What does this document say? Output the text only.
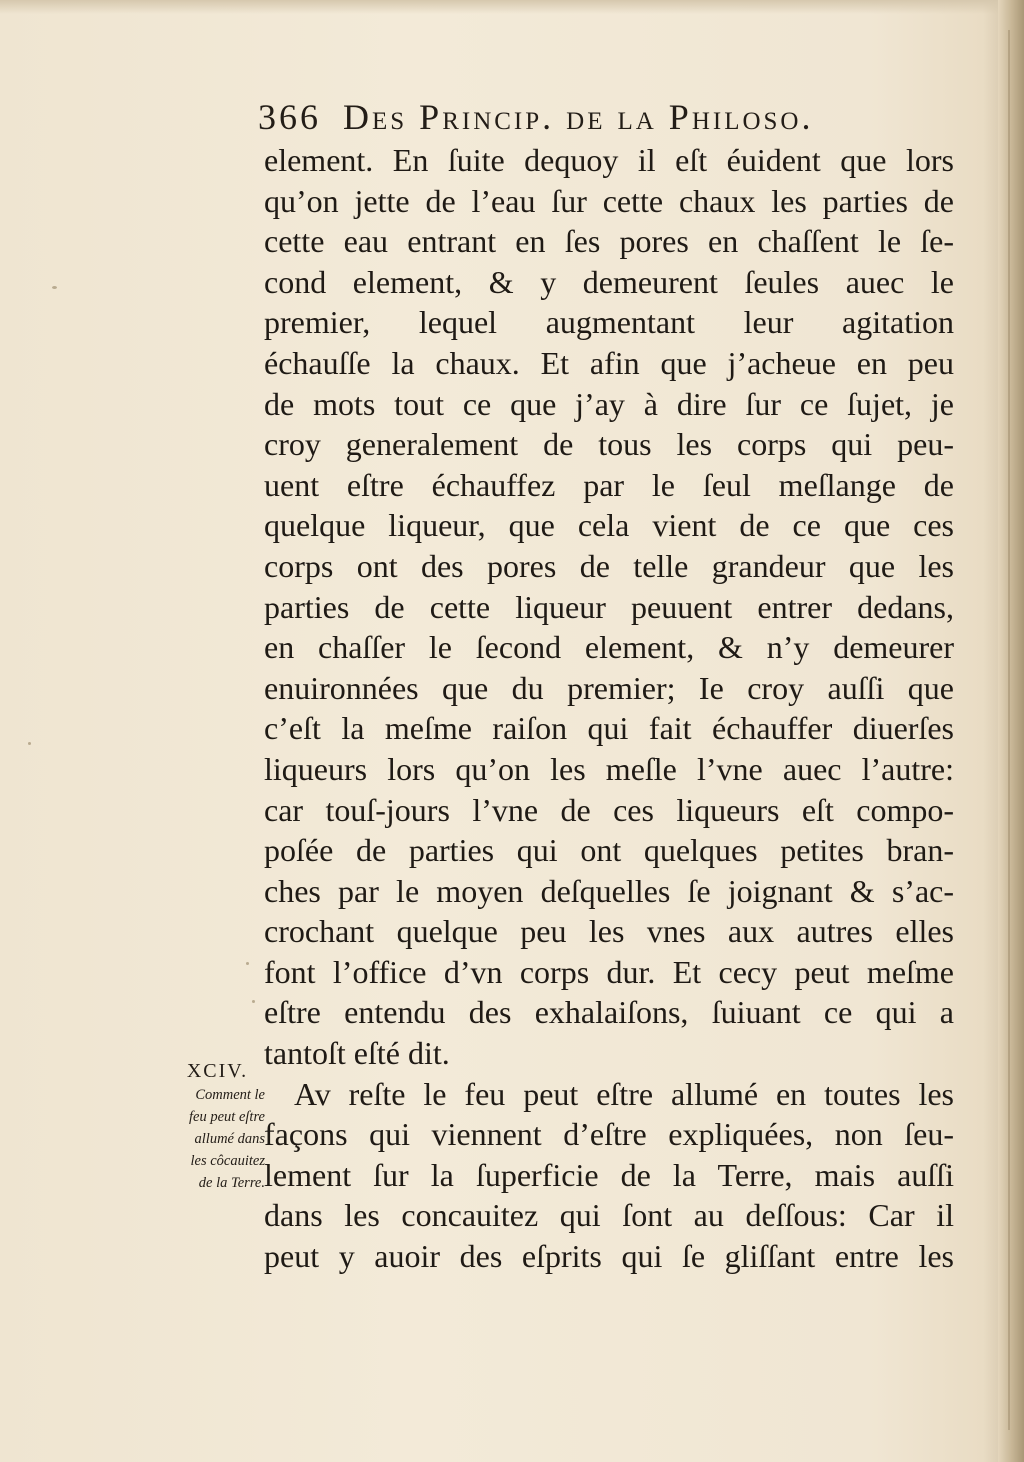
366 Des Princip. de la Philoso.
element. En ſuite dequoy il eſt éuident que lors
qu’on jette de l’eau ſur cette chaux les parties de
cette eau entrant en ſes pores en chaſſent le ſe-
cond element, & y demeurent ſeules auec le
premier, lequel augmentant leur agitation
échauſſe la chaux. Et afin que j’acheue en peu
de mots tout ce que j’ay à dire ſur ce ſujet, je
croy generalement de tous les corps qui peu-
uent eſtre échauffez par le ſeul meſlange de
quelque liqueur, que cela vient de ce que ces
corps ont des pores de telle grandeur que les
parties de cette liqueur peuuent entrer dedans,
en chaſſer le ſecond element, & n’y demeurer
enuironnées que du premier; Ie croy auſſi que
c’eſt la meſme raiſon qui fait échauffer diuerſes
liqueurs lors qu’on les meſle l’vne auec l’autre:
car touſ-jours l’vne de ces liqueurs eſt compo-
poſée de parties qui ont quelques petites bran-
ches par le moyen deſquelles ſe joignant & s’ac-
crochant quelque peu les vnes aux autres elles
font l’office d’vn corps dur. Et cecy peut meſme
eſtre entendu des exhalaiſons, ſuiuant ce qui a
tantoſt eſté dit.
Av reſte le feu peut eſtre allumé en toutes les
façons qui viennent d’eſtre expliquées, non ſeu-
lement ſur la ſuperficie de la Terre, mais auſſi
dans les concauitez qui ſont au deſſous: Car il
peut y auoir des eſprits qui ſe gliſſant entre les
XCIV.
Comment le
feu peut eſtre
allumé dans
les côcauitez
de la Terre.
